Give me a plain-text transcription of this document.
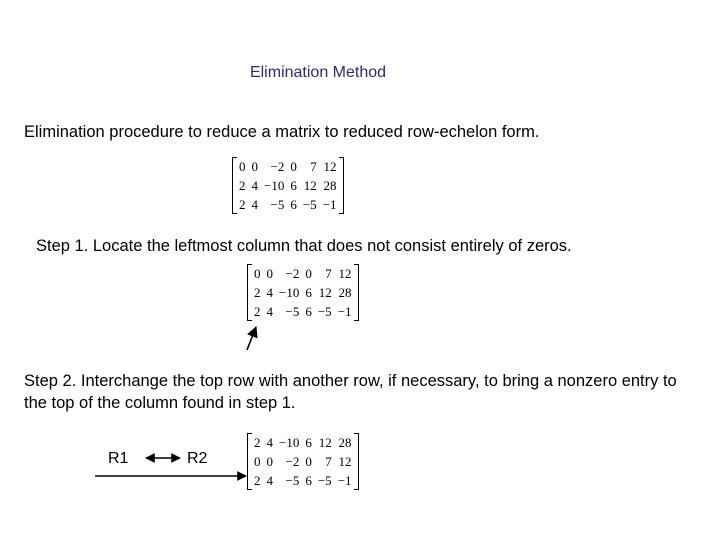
Elimination Method
Elimination procedure to reduce a matrix to reduced row-echelon form.
0	0	−2	0	7	12
2	4	−10	6	12	28
2	4	−5	6	−5	−1
Step 1. Locate the leftmost column that does not consist entirely of zeros.
0	0	−2	0	7	12
2	4	−10	6	12	28
2	4	−5	6	−5	−1
Step 2. Interchange the top row with another row, if necessary, to bring a nonzero entry to the top of the column found in step 1.
R1	R2
2	4	−10	6	12	28
0	0	−2	0	7	12
2	4	−5	6	−5	−1
